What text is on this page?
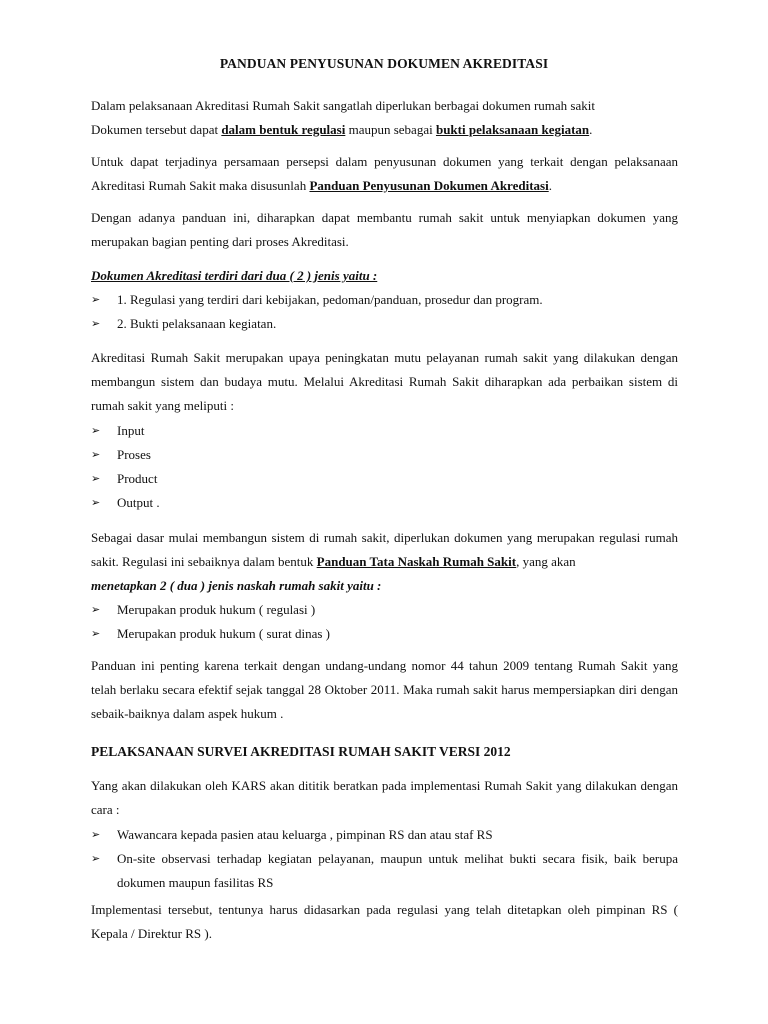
PANDUAN PENYUSUNAN DOKUMEN AKREDITASI

Dalam pelaksanaan Akreditasi Rumah Sakit sangatlah diperlukan berbagai dokumen rumah sakit

Dokumen tersebut dapat dalam bentuk regulasi maupun sebagai bukti pelaksanaan kegiatan.

Untuk dapat terjadinya persamaan persepsi dalam penyusunan dokumen yang terkait dengan pelaksanaan Akreditasi Rumah Sakit maka disusunlah Panduan Penyusunan Dokumen Akreditasi.

Dengan adanya panduan ini, diharapkan dapat membantu rumah sakit untuk menyiapkan dokumen yang merupakan bagian penting dari proses Akreditasi.

Dokumen Akreditasi terdiri dari dua ( 2 ) jenis yaitu :

➢	1. Regulasi yang terdiri dari kebijakan, pedoman/panduan, prosedur dan program.
➢	2. Bukti pelaksanaan kegiatan.

Akreditasi Rumah Sakit merupakan upaya peningkatan mutu pelayanan rumah sakit yang dilakukan dengan membangun sistem dan budaya mutu. Melalui Akreditasi Rumah Sakit diharapkan ada perbaikan sistem di rumah sakit yang meliputi :

➢	Input
➢	Proses
➢	Product
➢	Output .

Sebagai dasar mulai membangun sistem di rumah sakit, diperlukan dokumen yang merupakan regulasi rumah sakit. Regulasi ini sebaiknya dalam bentuk Panduan Tata Naskah Rumah Sakit, yang akan

menetapkan 2 ( dua ) jenis naskah rumah sakit yaitu :

➢	Merupakan produk hukum ( regulasi )
➢	Merupakan produk hukum ( surat dinas )

Panduan ini penting karena terkait dengan undang-undang nomor 44 tahun 2009 tentang Rumah Sakit yang telah berlaku secara efektif sejak tanggal 28 Oktober 2011. Maka rumah sakit harus mempersiapkan diri dengan sebaik-baiknya dalam aspek hukum .

PELAKSANAAN SURVEI AKREDITASI RUMAH SAKIT VERSI 2012

Yang akan dilakukan oleh KARS akan dititik beratkan pada implementasi Rumah Sakit yang dilakukan dengan cara :

➢	Wawancara kepada pasien atau keluarga , pimpinan RS dan atau staf RS
➢	On-site observasi terhadap kegiatan pelayanan, maupun untuk melihat bukti secara fisik, baik berupa dokumen maupun fasilitas RS

Implementasi tersebut, tentunya harus didasarkan pada regulasi yang telah ditetapkan oleh pimpinan RS ( Kepala / Direktur RS ).
